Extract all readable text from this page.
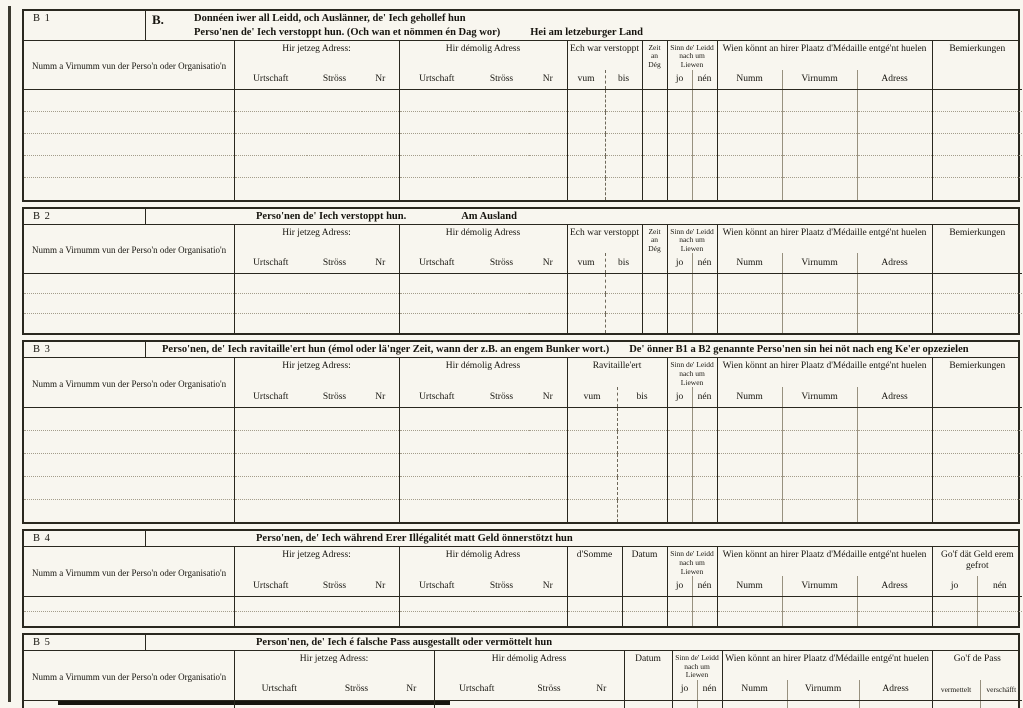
B 1	B.	Donnéen iwer all Leidd, och Auslänner, de' Iech gehollef hun
Perso'nen de' Iech verstoppt hun. (Och wan et nömmen én Dag wor)	Hei am letzeburger Land
Numm a Virnumm vun der Perso'n oder Organisatio'n	Hir jetzeg Adress:			Hir démolig Adress			Ech war verstoppt		Zeit an Dég	Sinn de' Leidd nach um Liewen		Wien könnt an hirer Plaatz d'Médaille entgé'nt huelen			Bemierkungen
	Urtschaft	Ströss	Nr	Urtschaft	Ströss	Nr	vum	bis		jo	nén	Numm	Virnumm	Adress	

B 2	Perso'nen de' Iech verstoppt hun.	Am Ausland
Numm a Virnumm vun der Perso'n oder Organisatio'n	Hir jetzeg Adress:			Hir démolig Adress			Ech war verstoppt		Zeit an Dég	Sinn de' Leidd nach um Liewen		Wien könnt an hirer Plaatz d'Médaille entgé'nt huelen			Bemierkungen
	Urtschaft	Ströss	Nr	Urtschaft	Ströss	Nr	vum	bis		jo	nén	Numm	Virnumm	Adress	

B 3	Perso'nen, de' Iech ravitaille'ert hun (émol oder lä'nger Zeit, wann der z.B. an engem Bunker wort.) De' önner B1 a B2 genannte Perso'nen sin hei nöt nach eng Ke'er opzezielen
Numm a Virnumm vun der Perso'n oder Organisatio'n	Hir jetzeg Adress:			Hir démolig Adress			Ravitaille'ert		Sinn de' Leidd nach um Liewen		Wien könnt an hirer Plaatz d'Médaille entgé'nt huelen			Bemierkungen
	Urtschaft	Ströss	Nr	Urtschaft	Ströss	Nr	vum	bis	jo	nén	Numm	Virnumm	Adress	

B 4	Perso'nen, de' Iech während Erer Illégalitét matt Geld önnerstötzt hun
Numm a Virnumm vun der Perso'n oder Organisatio'n	Hir jetzeg Adress:			Hir démolig Adress			d'Somme	Datum	Sinn de' Leidd nach um Liewen		Wien könnt an hirer Plaatz d'Médaille entgé'nt huelen			Go'f dät Geld erem gefrot	
	Urtschaft	Ströss	Nr	Urtschaft	Ströss	Nr			jo	nén	Numm	Virnumm	Adress	jo	nén

B 5	Person'nen, de' Iech é falsche Pass ausgestallt oder vermöttelt hun
Numm a Virnumm vun der Perso'n oder Organisatio'n	Hir jetzeg Adress:			Hir démolig Adress			Datum	Sinn de' Leidd nach um Liewen		Wien könnt an hirer Plaatz d'Médaille entgé'nt huelen			Go'f de Pass	
	Urtschaft	Ströss	Nr	Urtschaft	Ströss	Nr		jo	nén	Numm	Virnumm	Adress	vermettelt	verschäfft
